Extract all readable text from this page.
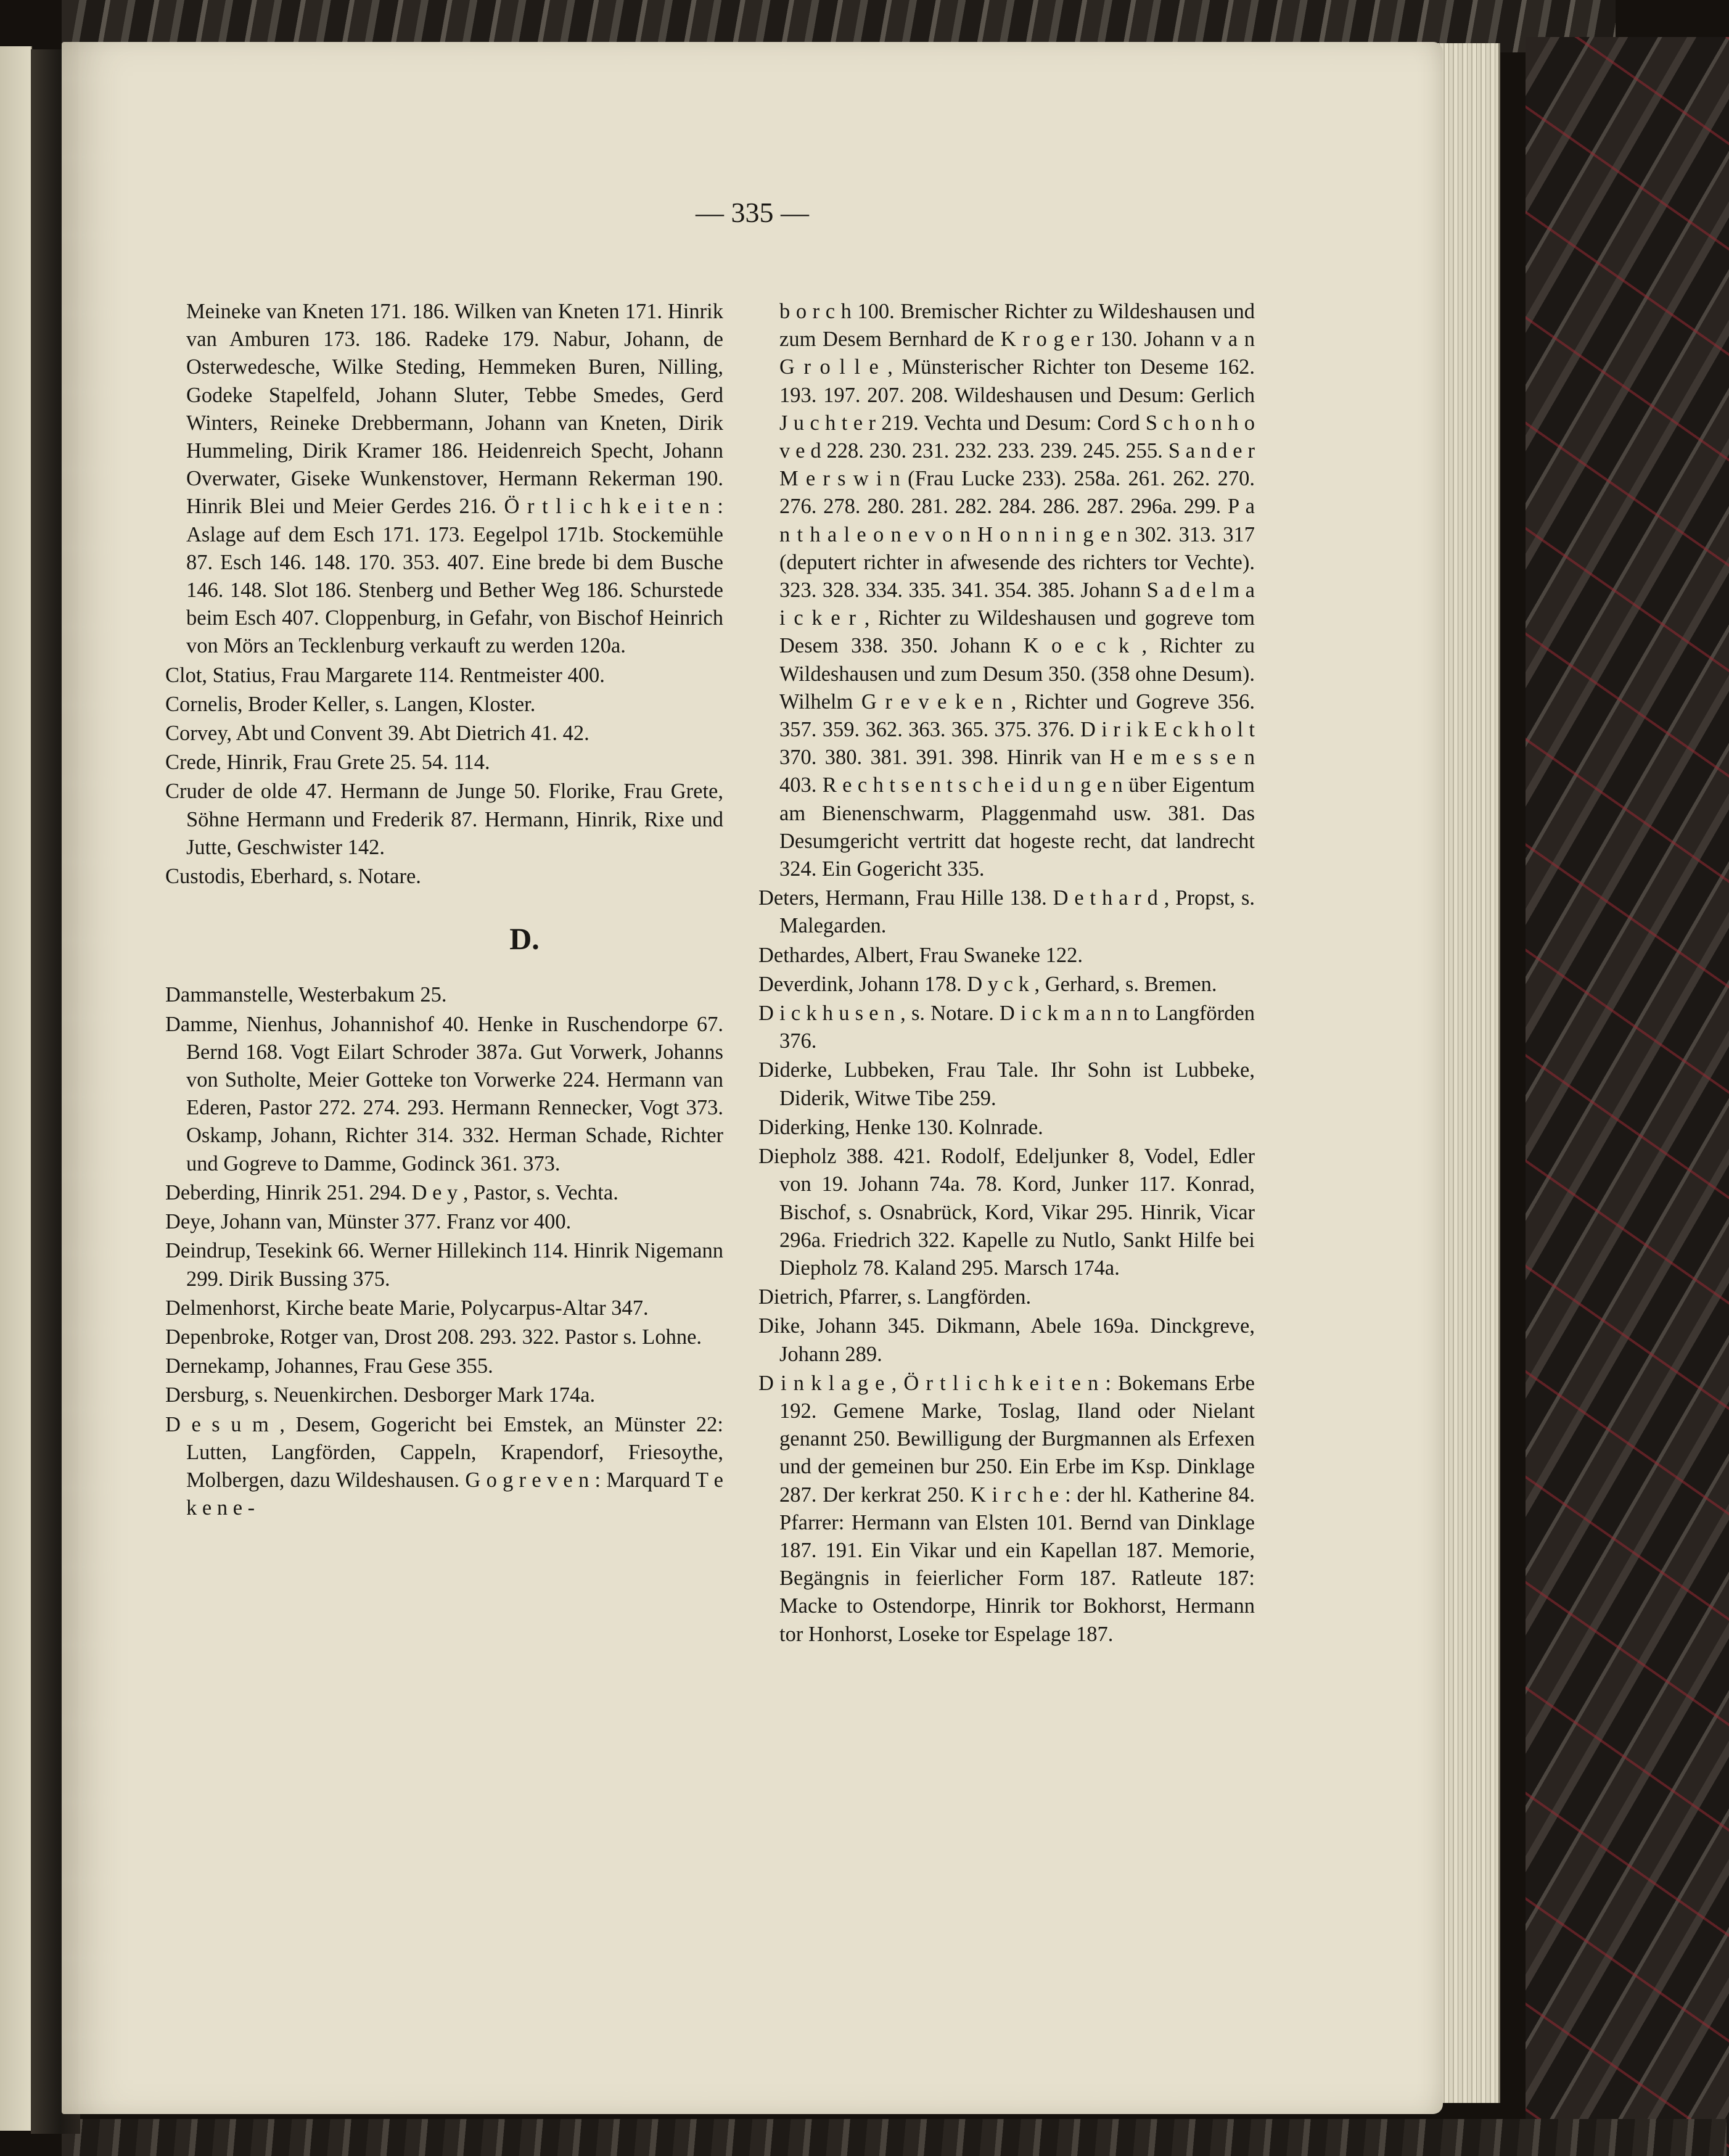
— 335 —

Meineke van Kneten 171. 186. Wilken van Kneten 171. Hinrik van Amburen 173. 186. Radeke 179. Nabur, Johann, de Osterwedesche, Wilke Steding, Hemmeken Buren, Nilling, Godeke Stapelfeld, Johann Sluter, Tebbe Smedes, Gerd Winters, Reineke Drebbermann, Johann van Kneten, Dirik Hummeling, Dirik Kramer 186. Heidenreich Specht, Johann Overwater, Giseke Wunkenstover, Hermann Rekerman 190. Hinrik Blei und Meier Gerdes 216. Ö r t l i c h k e i t e n : Aslage auf dem Esch 171. 173. Eegelpol 171b. Stockemühle 87. Esch 146. 148. 170. 353. 407. Eine brede bi dem Busche 146. 148. Slot 186. Stenberg und Bether Weg 186. Schurstede beim Esch 407. Cloppenburg, in Gefahr, von Bischof Heinrich von Mörs an Tecklenburg verkauft zu werden 120a.

Clot, Statius, Frau Margarete 114. Rentmeister 400.

Cornelis, Broder Keller, s. Langen, Kloster.

Corvey, Abt und Convent 39. Abt Dietrich 41. 42.

Crede, Hinrik, Frau Grete 25. 54. 114.

Cruder de olde 47. Hermann de Junge 50. Florike, Frau Grete, Söhne Hermann und Frederik 87. Hermann, Hinrik, Rixe und Jutte, Geschwister 142.

Custodis, Eberhard, s. Notare.

D.

Dammanstelle, Westerbakum 25.

Damme, Nienhus, Johannishof 40. Henke in Ruschendorpe 67. Bernd 168. Vogt Eilart Schroder 387a. Gut Vorwerk, Johanns von Sutholte, Meier Gotteke ton Vorwerke 224. Hermann van Ederen, Pastor 272. 274. 293. Hermann Rennecker, Vogt 373. Oskamp, Johann, Richter 314. 332. Herman Schade, Richter und Gogreve to Damme, Godinck 361. 373.

Deberding, Hinrik 251. 294. D e y , Pastor, s. Vechta.

Deye, Johann van, Münster 377. Franz vor 400.

Deindrup, Tesekink 66. Werner Hillekinch 114. Hinrik Nigemann 299. Dirik Bussing 375.

Delmenhorst, Kirche beate Marie, Polycarpus-Altar 347.

Depenbroke, Rotger van, Drost 208. 293. 322. Pastor s. Lohne.

Dernekamp, Johannes, Frau Gese 355.

Dersburg, s. Neuenkirchen. Desborger Mark 174a.

D e s u m , Desem, Gogericht bei Emstek, an Münster 22: Lutten, Langförden, Cappeln, Krapendorf, Friesoythe, Molbergen, dazu Wildeshausen. G o g r e v e n : Marquard T e k e n e -

b o r c h 100. Bremischer Richter zu Wildeshausen und zum Desem Bernhard de K r o g e r 130. Johann v a n G r o l l e , Münsterischer Richter ton Deseme 162. 193. 197. 207. 208. Wildeshausen und Desum: Gerlich J u c h t e r 219. Vechta und Desum: Cord S c h o n h o v e d 228. 230. 231. 232. 233. 239. 245. 255. S a n d e r M e r s w i n (Frau Lucke 233). 258a. 261. 262. 270. 276. 278. 280. 281. 282. 284. 286. 287. 296a. 299. P a n t h a l e o n e v o n H o n n i n g e n 302. 313. 317 (deputert richter in afwesende des richters tor Vechte). 323. 328. 334. 335. 341. 354. 385. Johann S a d e l m a i c k e r , Richter zu Wildeshausen und gogreve tom Desem 338. 350. Johann K o e c k , Richter zu Wildeshausen und zum Desum 350. (358 ohne Desum). Wilhelm G r e v e k e n , Richter und Gogreve 356. 357. 359. 362. 363. 365. 375. 376. D i r i k E c k h o l t 370. 380. 381. 391. 398. Hinrik van H e m e s s e n 403. R e c h t s e n t s c h e i d u n g e n über Eigentum am Bienenschwarm, Plaggenmahd usw. 381. Das Desumgericht vertritt dat hogeste recht, dat landrecht 324. Ein Gogericht 335.

Deters, Hermann, Frau Hille 138. D e t h a r d , Propst, s. Malegarden.

Dethardes, Albert, Frau Swaneke 122.

Deverdink, Johann 178. D y c k , Gerhard, s. Bremen.

D i c k h u s e n , s. Notare. D i c k m a n n to Langförden 376.

Diderke, Lubbeken, Frau Tale. Ihr Sohn ist Lubbeke, Diderik, Witwe Tibe 259.

Diderking, Henke 130. Kolnrade.

Diepholz 388. 421. Rodolf, Edeljunker 8, Vodel, Edler von 19. Johann 74a. 78. Kord, Junker 117. Konrad, Bischof, s. Osnabrück, Kord, Vikar 295. Hinrik, Vicar 296a. Friedrich 322. Kapelle zu Nutlo, Sankt Hilfe bei Diepholz 78. Kaland 295. Marsch 174a.

Dietrich, Pfarrer, s. Langförden.

Dike, Johann 345. Dikmann, Abele 169a. Dinckgreve, Johann 289.

D i n k l a g e , Ö r t l i c h k e i t e n : Bokemans Erbe 192. Gemene Marke, Toslag, Iland oder Nielant genannt 250. Bewilligung der Burgmannen als Erfexen und der gemeinen bur 250. Ein Erbe im Ksp. Dinklage 287. Der kerkrat 250. K i r c h e : der hl. Katherine 84. Pfarrer: Hermann van Elsten 101. Bernd van Dinklage 187. 191. Ein Vikar und ein Kapellan 187. Memorie, Begängnis in feierlicher Form 187. Ratleute 187: Macke to Ostendorpe, Hinrik tor Bokhorst, Hermann tor Honhorst, Loseke tor Espelage 187.
